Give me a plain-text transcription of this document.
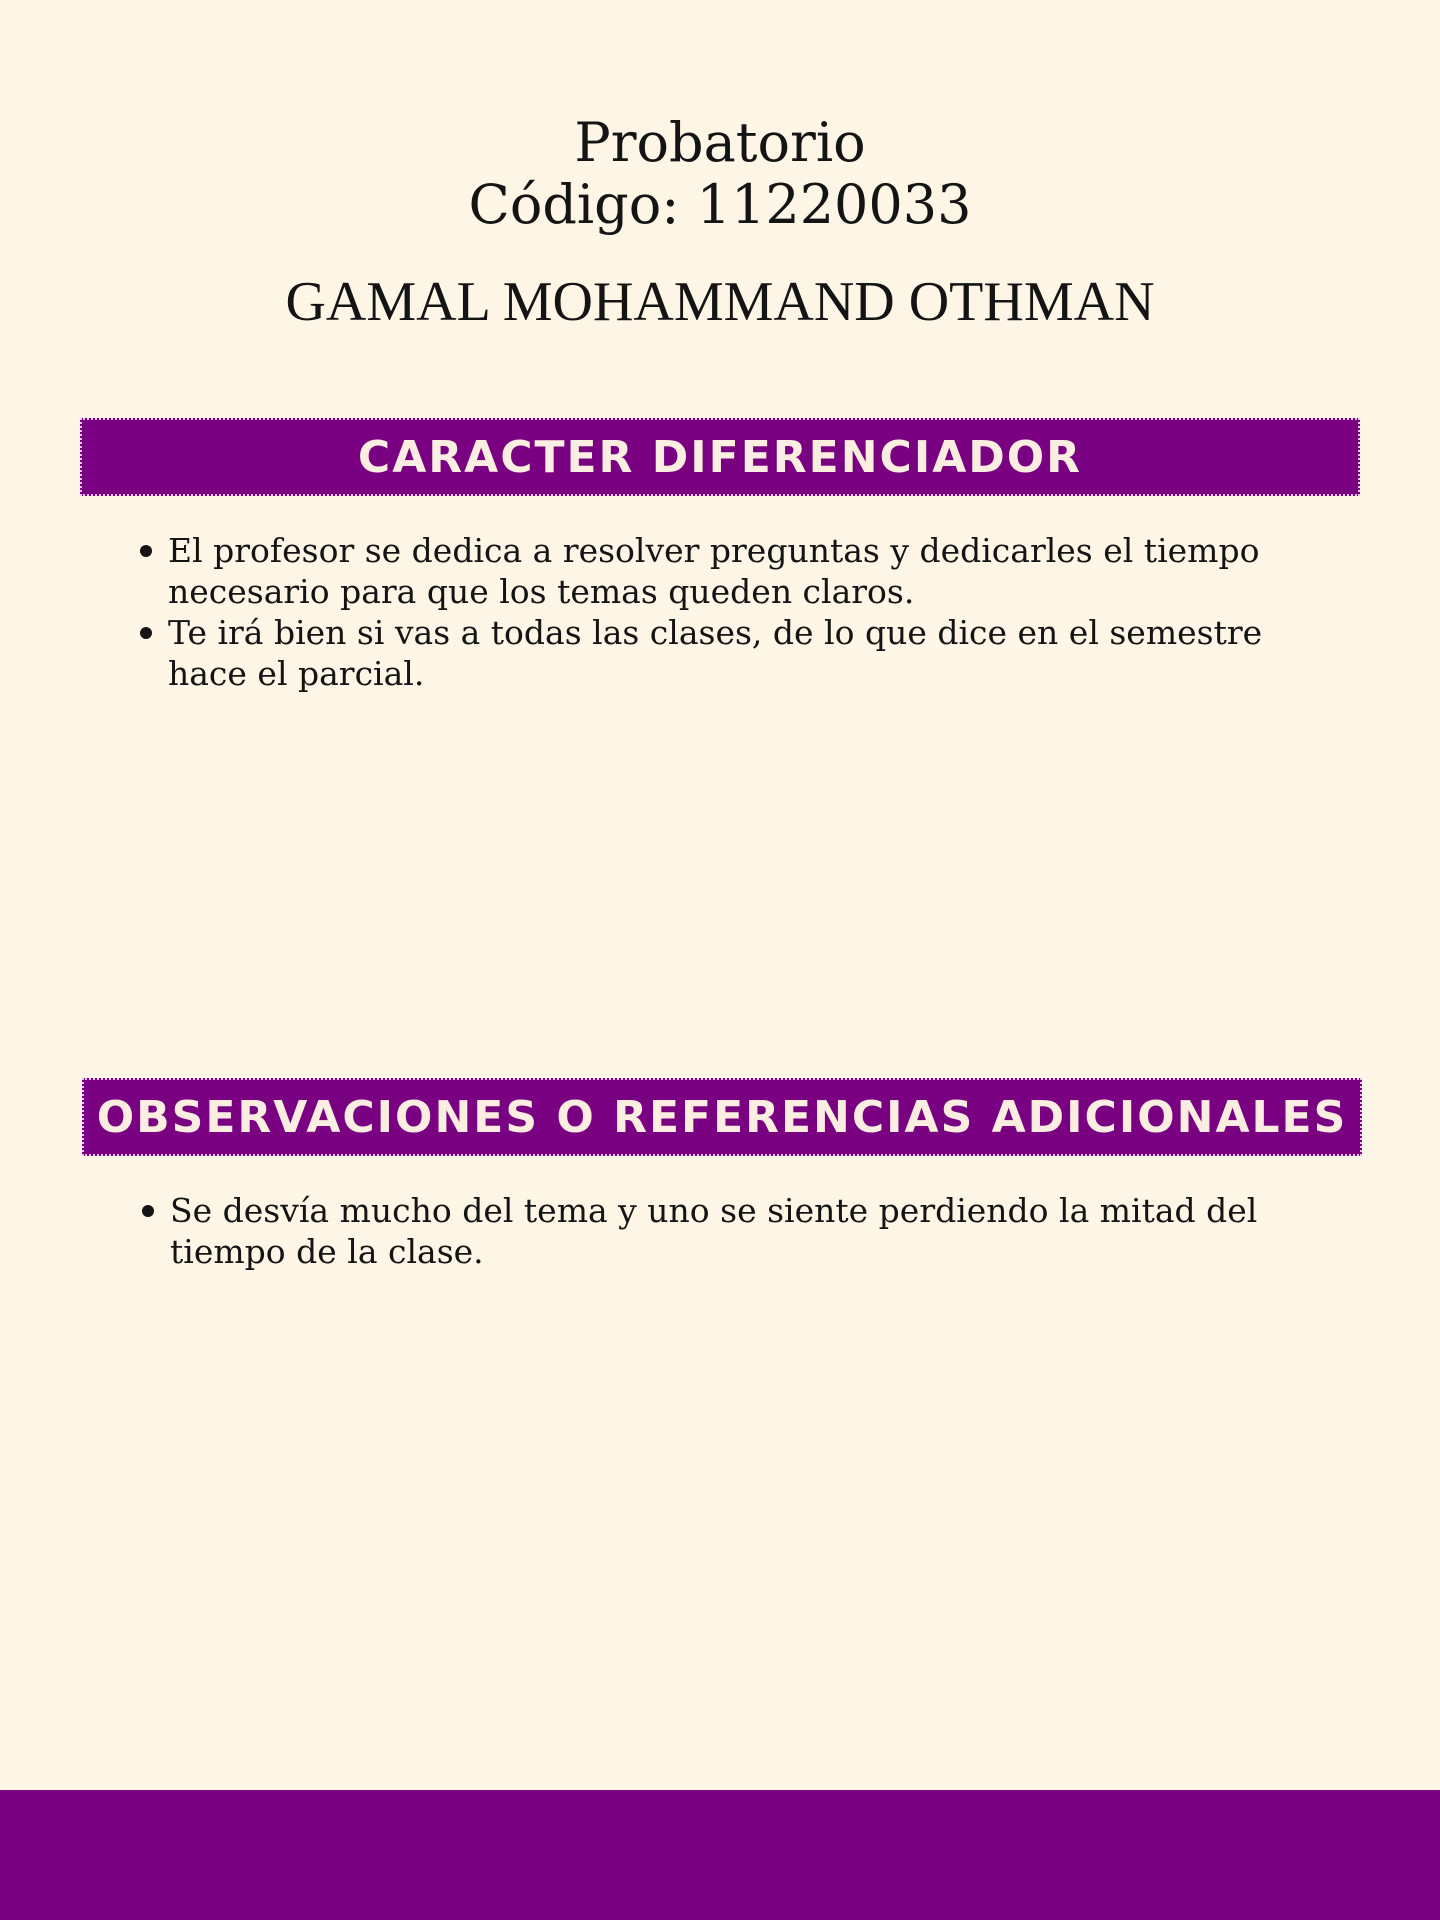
Probatorio
Código: 11220033
GAMAL MOHAMMAND OTHMAN
CARACTER DIFERENCIADOR
El profesor se dedica a resolver preguntas y dedicarles el tiempo necesario para que los temas queden claros.
Te irá bien si vas a todas las clases, de lo que dice en el semestre hace el parcial.
OBSERVACIONES O REFERENCIAS ADICIONALES
Se desvía mucho del tema y uno se siente perdiendo la mitad del tiempo de la clase.
